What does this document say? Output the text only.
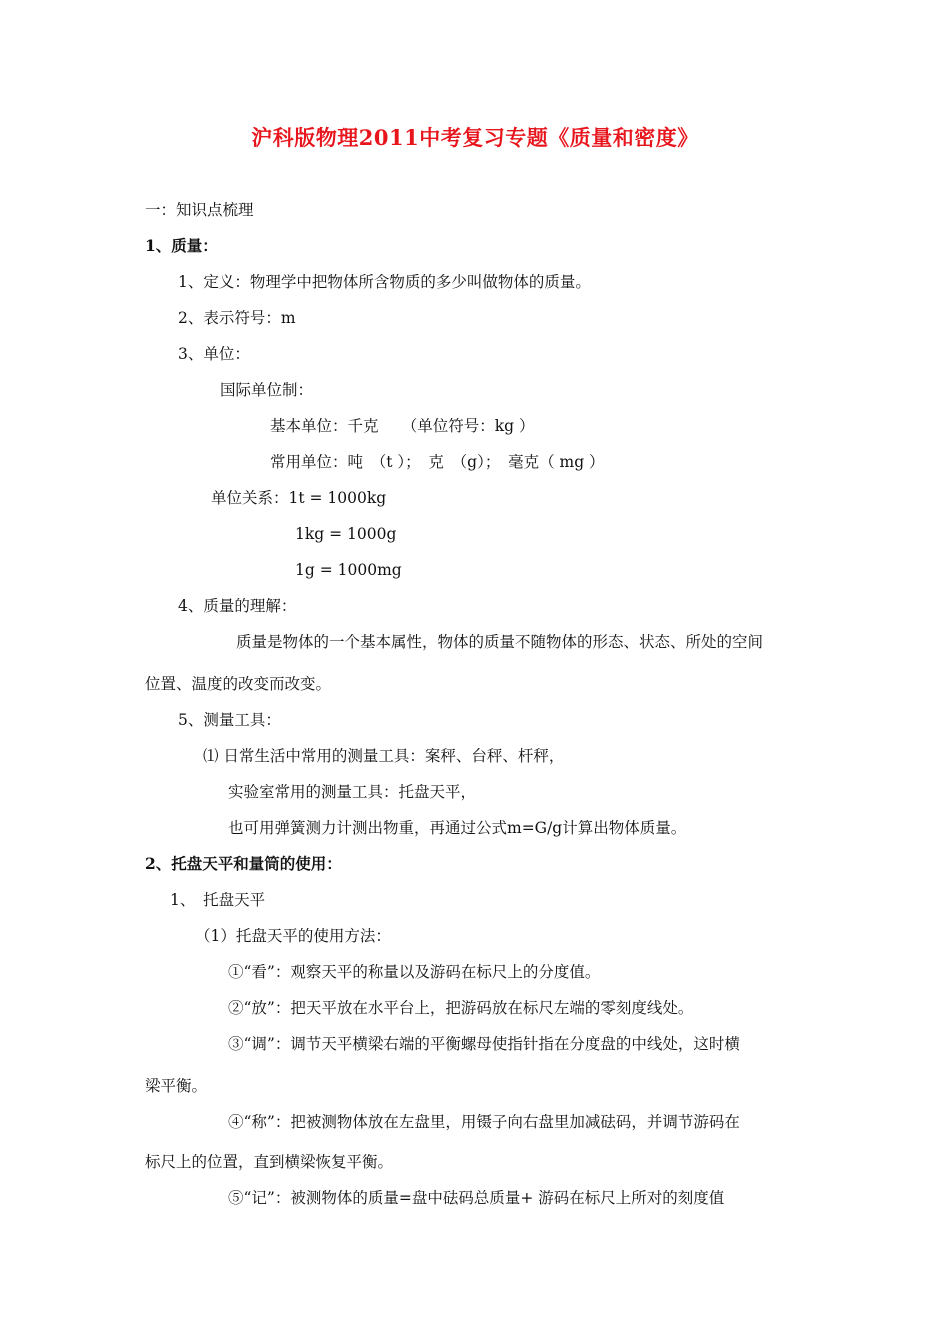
沪科版物理2011中考复习专题《质量和密度》
一：知识点梳理
1、质量：
1、定义：物理学中把物体所含物质的多少叫做物体的质量。
2、表示符号：m
3、单位：
国际单位制：
基本单位：千克　　（单位符号：kg ）
常用单位：吨　（t ）；　克　（g）；　毫克（ mg ）
单位关系：1t = 1000kg
1kg = 1000g
1g = 1000mg
4、质量的理解：
质量是物体的一个基本属性，物体的质量不随物体的形态、状态、所处的空间
位置、温度的改变而改变。
5、测量工具：
⑴ 日常生活中常用的测量工具：案秤、台秤、杆秤，
实验室常用的测量工具：托盘天平，
也可用弹簧测力计测出物重，再通过公式m=G/g计算出物体质量。
2、托盘天平和量筒的使用：
1、　托盘天平
（1）托盘天平的使用方法：
①“看”：观察天平的称量以及游码在标尺上的分度值。
②“放”：把天平放在水平台上，把游码放在标尺左端的零刻度线处。
③“调”：调节天平横梁右端的平衡螺母使指针指在分度盘的中线处，这时横
梁平衡。
④“称”：把被测物体放在左盘里，用镊子向右盘里加减砝码，并调节游码在
标尺上的位置，直到横梁恢复平衡。
⑤“记”：被测物体的质量=盘中砝码总质量+ 游码在标尺上所对的刻度值
